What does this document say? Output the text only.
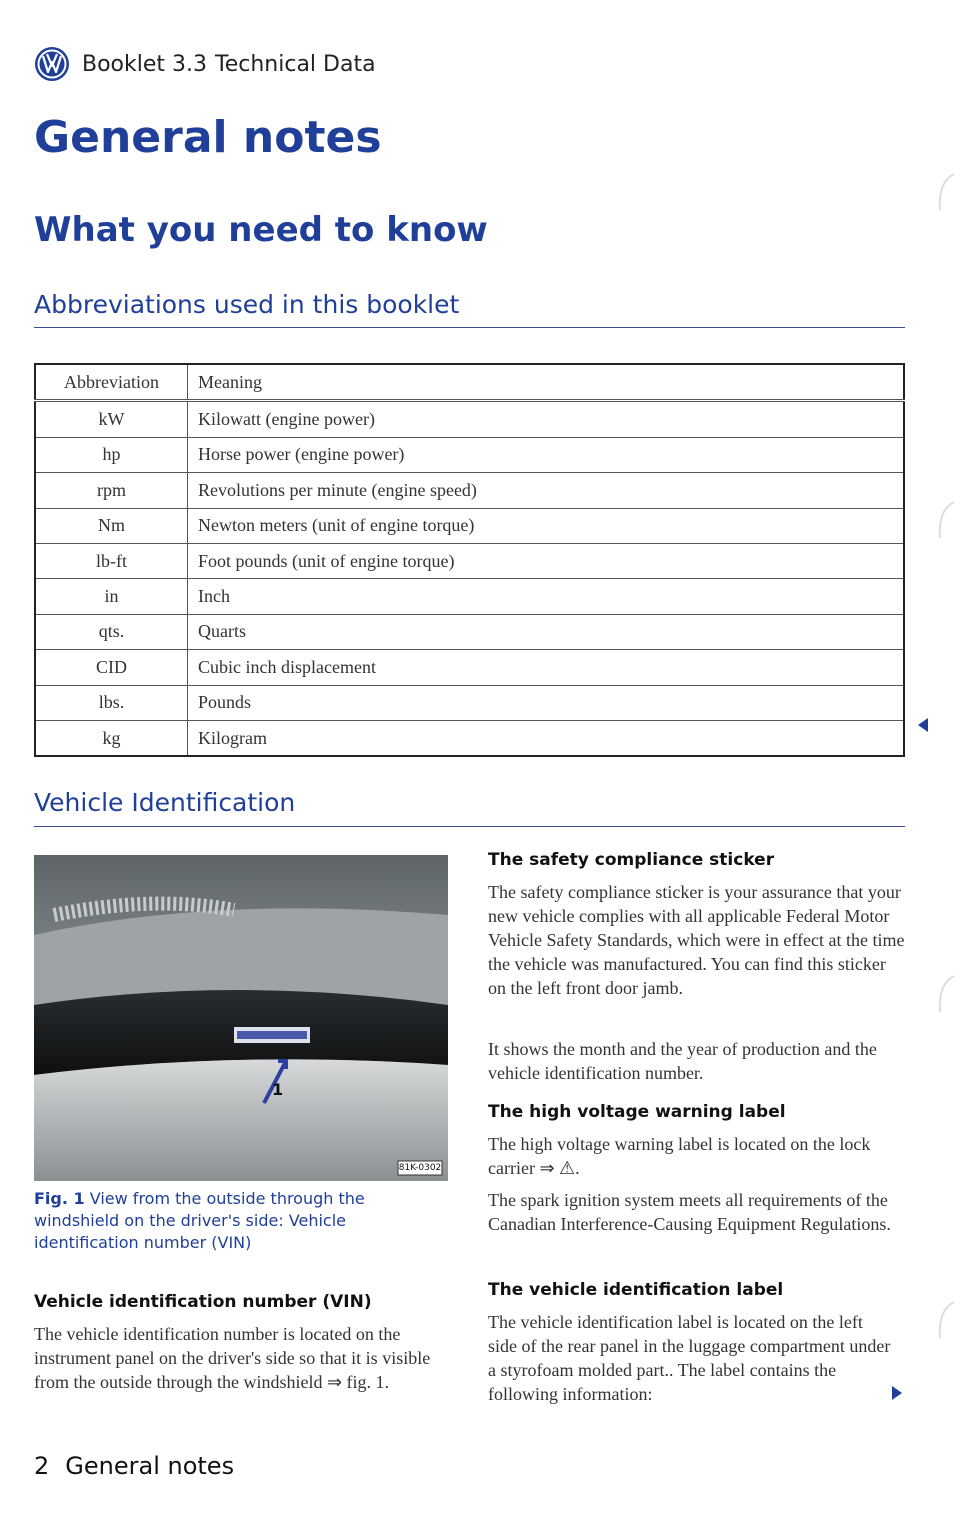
Booklet 3.3 Technical Data
General notes
What you need to know
Abbreviations used in this booklet
Abbreviation	Meaning
kW	Kilowatt (engine power)
hp	Horse power (engine power)
rpm	Revolutions per minute (engine speed)
Nm	Newton meters (unit of engine torque)
lb-ft	Foot pounds (unit of engine torque)
in	Inch
qts.	Quarts
CID	Cubic inch displacement
lbs.	Pounds
kg	Kilogram
Vehicle Identification
1
81K-0302
Fig. 1 View from the outside through the windshield on the driver's side: Vehicle identification number (VIN)
Vehicle identification number (VIN)
The vehicle identification number is located on the instrument panel on the driver's side so that it is visible from the outside through the windshield ⇒ fig. 1.
The safety compliance sticker
The safety compliance sticker is your assurance that your new vehicle complies with all applicable Federal Motor Vehicle Safety Standards, which were in effect at the time the vehicle was manufactured. You can find this sticker on the left front door jamb.
It shows the month and the year of production and the vehicle identification number.
The high voltage warning label
The high voltage warning label is located on the lock carrier ⇒ ⚠.
The spark ignition system meets all requirements of the Canadian Interference-Causing Equipment Regulations.
The vehicle identification label
The vehicle identification label is located on the left side of the rear panel in the luggage compartment under a styrofoam molded part.. The label contains the following information:
2 General notes
